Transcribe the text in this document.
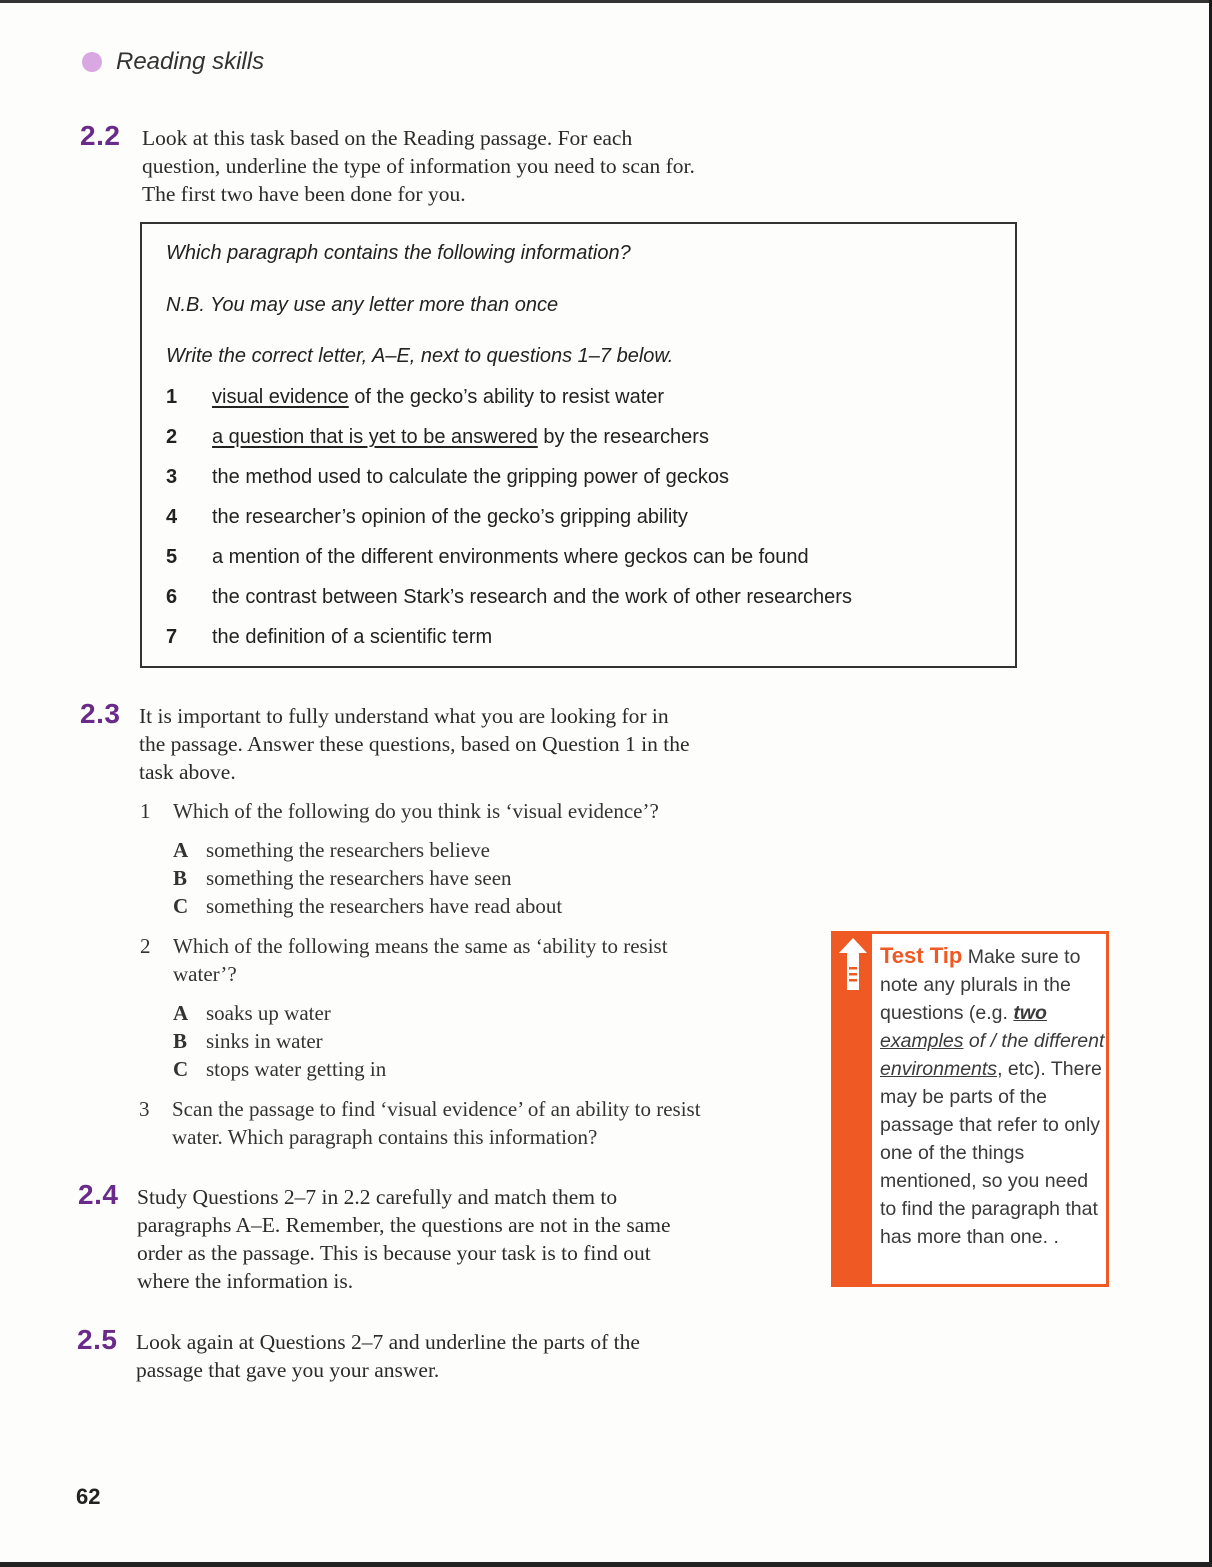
Reading skills
2.2 Look at this task based on the Reading passage. For each

question, underline the type of information you need to scan for.

The first two have been done for you.

Which paragraph contains the following information?
N.B. You may use any letter more than once
Write the correct letter, A–E, next to questions 1–7 below.
1	visual evidence of the gecko’s ability to resist water
2	a question that is yet to be answered by the researchers
3	the method used to calculate the gripping power of geckos
4	the researcher’s opinion of the gecko’s gripping ability
5	a mention of the different environments where geckos can be found
6	the contrast between Stark’s research and the work of other researchers
7	the definition of a scientific term
2.3 It is important to fully understand what you are looking for in

the passage. Answer these questions, based on Question 1 in the

task above.

1	Which of the following do you think is ‘visual evidence’?
A something the researchers believe
B something the researchers have seen
C something the researchers have read about
2	Which of the following means the same as ‘ability to resist
water’?
A soaks up water
B sinks in water
C stops water getting in
3	Scan the passage to find ‘visual evidence’ of an ability to resist
water. Which paragraph contains this information?
2.4 Study Questions 2–7 in 2.2 carefully and match them to

paragraphs A–E. Remember, the questions are not in the same

order as the passage. This is because your task is to find out

where the information is.

2.5 Look again at Questions 2–7 and underline the parts of the

passage that gave you your answer.

Test Tip Make sure to note any plurals in the questions (e.g. two examples of / the different environments, etc). There may be parts of the passage that refer to only one of the things mentioned, so you need to find the paragraph that has more than one. .
62
